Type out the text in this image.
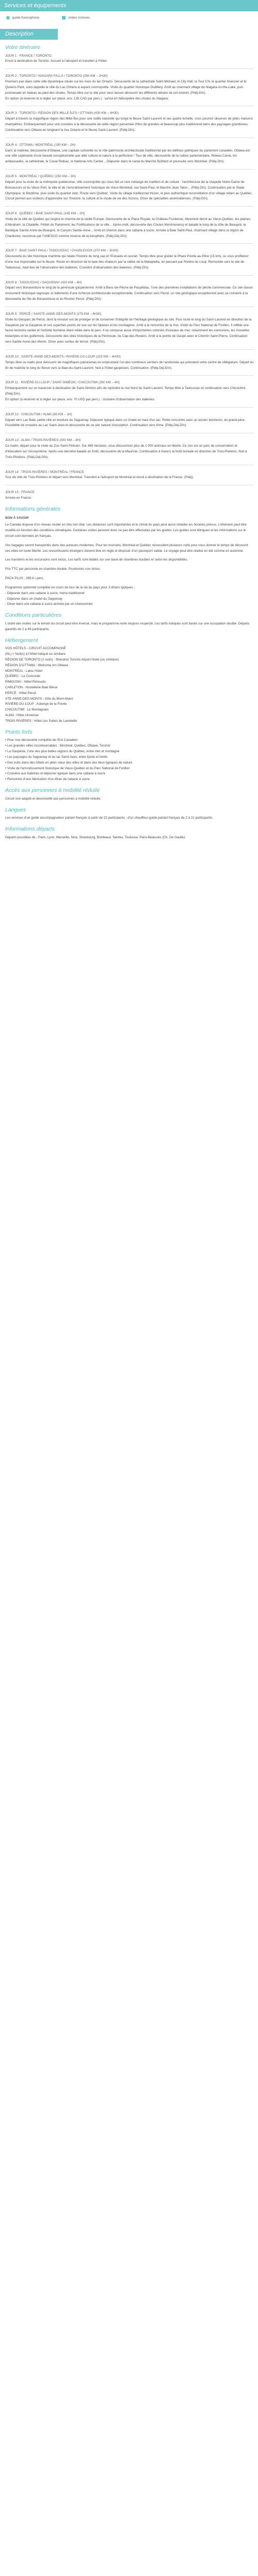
Services et équipements
guide francophone	visites incluses
Description
Votre itinéraire

JOUR 1 : FRANCE / TORONTO

Envol à destination de Toronto. Accueil à l'aéroport et transfert à l'hôtel.

JOUR 2 : TORONTO / NIAGARA FALLS / TORONTO (260 KM – 2H30)

Premiers pas dans cette ville dynamique située sur les rives du lac Ontario. Découverte de la cathédrale Saint-Michael, le City Hall, la Tour CN, le quartier financier et le Queens Park, sous laquelle la ville du Lac Ontario à aspect cosmopolite. Visite du quartier historique Distillery. Arrêt au charmant village de Niagara-on-the-Lake, puis promenade en bateau au pied des chutes. Temps libre sur le site pour vous laisser découvrir les différents attraits de cet endroit. (Pdéj-Dîn).
En option (à réserver et à régler sur place, env. 135 CAD par pers.) : survol en hélicoptère des chutes du Niagara.

JOUR 3 : TORONTO / RÉGION DES MILLE-ÎLES / OTTAWA (430 KM – 4H30)

Départ à travers la magnifique région des Mille-Îles pour une noble naturelle qui longe le fleuve Saint-Laurent et ses quatre échelle, vous pourrez observer de jolies maisons champêtres. Embarquement pour une croisière à la découverte de cette région parsemée d'îles de grandes et beaucoup plus traditionnel dans des paysages grandioses. Continuation vers Ottawa en longeant la rive Ontario et le fleuve Saint-Laurent. (Pdéj-Dîn).

JOUR 4 : OTTAWA / MONTRÉAL (190 KM – 2H)

Dans la matinée, découverte d'Ottawa, une capitale culturelle ou le rôle patrimonie architecturale traditionnel par les édifices gothiques du parlement canadien. Ottawa est une ville captivante d'une beauté exceptionnelle que allie culture et nature à la perfection ! Tour de ville, découverte de la colline parlementaire, Rideau Canal, les ambassades, la cathédrale, le Canal Rideau, le National Arts Center... Déjeuner dans le canal du Marché ByWard et poursuite vers Montréal. (Pdéj-Dîn).

JOUR 5 : MONTRÉAL / QUÉBEC (250 KM – 3H)

Départ pour la visite de la métropole québécoise, ville cosmopolite qui nous fait un rare mélange de tradition et de culture : l'architecture de la chapelle Notre-Dame de Bonsecours et du Vieux-Port, la ville et de l'arrondissement historique de Vieux-Montréal, rue Saint-Paul, le Marché Jean-Talon... (Pdéj-Dîn). Continuation par le Stade Olympique, le Biodôme, puis visite du quartier latin. Route vers Québec. Visite du village traditionnel Huron, le plus authentique reconstitution d'un village indien au Québec. Cicruit permet aux visiteurs d'apprendre sur l'histoire, la culture et le mode de vie des hurons. Dîner de spécialités amérindiennes. (Pdéj-Dîn).

JOUR 6 : QUÉBEC / BAIE SAINT-PAUL (145 KM – 2H)

Visite de la ville de Québec qui respire le charme de la vieille Europe. Découverte de la Place Royale, le Château Frontenac, librement décrit au Vieux-Québec, les plaines d'Abraham, la Citadelle, l'Hôtel du Parlement, les Fortifications de la ville... Après-midi, découverte des Chutes Montmorency et balade le long de la côte de Beaupré, la Basilique Sainte-Anne-de-Beaupré, le Canyon Sainte-Anne... Arrêt en chemin dans une cabane à sucre. Arrivée à Baie Saint-Paul, charmant village dans la région de Charlevoix, reconnue par l'UNESCO comme réserve de la biosphère. (Pdéj-Déj-Dîn).

JOUR 7 : BAIE SAINT-PAUL / TADOUSSAC / CHARLEVOIX (270 KM – 3H30)

Découverte du site historique maritime qui relate l'histoire du long cap et l'Estuaire et ouvrait. Temps libre pour goûter le Phare Pointe-au-Père (15 km), ou vous profiterez d'une vue imprenable sur le fleuve. Route en direction de la baie des chaleurs par la vallée de la Matapédia, en passant par Rivière du Loup. Remontée vers le site de Tadoussac, haut lieu de l'observation des baleines. Croisière d'observation des baleines. (Pdéj-Dîn).

JOUR 8 : TADOUSSAC / SAGUENAY (420 KM – 4H)

Départ vers Bonaventure le long de la péninsule gaspésienne. Arrêt à Banc-de-Pêche de Paspébiac, l'une des premières installations de pêche commerciale. Ce site classé monument historique regroupe 11 bâtiments d'une richesse architecturale exceptionnelle. Continuation vers Percé, un site géologique exceptionnel avec sa croisière à la découverte de l'île de Bonaventure et du Rocher Percé. (Pdéj-Dîn).

JOUR 9 : PERCÉ / SAINTE-ANNE-DES-MONTS (275 KM – 4H30)

Visite du Géoparc de Percé, dont la mission est de protéger et de conserver l'intégrité de l'héritage géologique du site. Puis route le long du Saint-Laurent en direction de la Gaspésie par la Gaspésie et ses superbes points de vue sur les falaises et les montagnes. Arrêt à la rencontre de la mer. Visite du Parc National de Forillon. Il reflète une faune terrestre variée et l'activité humaine étant reliée dans le parc. Il se compose aussi d'importantes colonies d'oiseaux de mer, notamment les cormorans, les mouettes tridactyles et les guillemots. Découverte des sites historiques de la Péninsule, de Cap-des-Rosiers. Arrêt à la pointe de Gaspé avec le Chemin Saint-Pierre. Continuation vers Sainte-Anne-des-Monts. Dîner avec sorties de terroir. (Pdéj-Dîn).

JOUR 10 : SAINTE-ANNE-DES-MONTS / RIVIÈRE-DU-LOUP (323 KM – 4H30)

Temps libre ce matin pour découvrir de magnifiques panoramas en empruntant l'un des nombreux sentiers de randonnée qui prévoient votre centre de villégiature. Départ en fin de matinée le long du fleuve vers la Baie-du-Saint-Laurent. Nuit à l'hôtel gaspésien. Continuation. (Pdéj-Déj-Dîn).

JOUR 11 : RIVIÈRE-DU-LOUP / SAINT-SIMÉON / CHICOUTIMI (300 KM – 4H)

Embarquement sur un traversier à destination de Saint-Siméon afin de rejoindre la rive Nord du Saint-Laurent. Temps libre à Tadoussac et continuation vers Chicoutimi. (Pdéj-Dîn).
En option (à réserver et à régler sur place, env. 70 USD par pers.) : croisière d'observation des baleines.

JOUR 12 : CHICOUTIMI / ALMA (60 KM – 1H)

Départ vers Lac Baie, petite ville en bordure du Saguenay. Déjeuner typique dans un chalet en haut d'un lac. Petite rencontre avec un ancien bûcheron, du grand-père. Possibilité de croisière au Lac Saint-Jean et découverte de ce site naturel d'exception. Continuation vers Alma. (Pdéj-Déj-Dîn).

JOUR 13 : ALMA / TROIS-RIVIÈRES (300 KM – 4H)

Ce matin, départ pour la visite du Zoo Saint-Félicien. Sur 485 hectares, vous découvrirez plus de 1 000 animaux en liberté. Ce zoo est un parc de conservation et d'éducation sur l'écosystème. Après une dernière balade en forêt, découverte de la Mauricie. Continuation à travers la forêt boréale en direction de Trois-Rivières. Nuit à Trois-Rivières. (Pdéj-Déj-Dîn).

JOUR 14 : TROIS-RIVIÈRES / MONTRÉAL / FRANCE

Tour de ville de Trois-Rivières et départ vers Montréal. Transfert à l'aéroport de Montréal et envol à destination de la France. (Pdéj).

JOUR 15 : FRANCE

Arrivée en France.

Informations générales
BON À SAVOIR

Le Canada dispose d'un réseau routier en très bon état. Les distances sont importantes et le climat du pays peut aussi retarder les horaires prévus. L'itinéraire peut être modifié en fonction des conditions climatiques. Certaines visites peuvent donc ne pas être effectuées par les guides. Les guides sont bilingues et les informations sur le circuit sont données en français.

Vos bagages seront transportés dans des autocars modernes. Pour les touristes, Montréal et Québec nécessitent plusieurs nuits pour vous donner le temps de découvrir ces villes en toute liberté. Les ressortissants étrangers doivent être en règle et disposer d'un passeport valide. Le voyage peut être réalisé en été comme en automne.

Les transferts et les excursions sont inclus. Les tarifs sont établis sur une base de chambres doubles et selon les disponibilités.

Prix TTC par personne en chambre double. Pourboires non inclus.

PACK PLUS : 399 € / pers.

Programme optionnel complété en cours de tour de la vie du pays pour 3 dîners typiques :
- Déjeuner dans une cabane à sucre, menu traditionnel
- Déjeuner dans un chalet du Saguenay
- Dîner dans une cabane à sucre animée par un chansonnier

Conditions particulières

L'ordre des visites sur le terrain du circuit peut être inversé, mais le programme reste toujours respecté. Les tarifs indiqués sont basés sur une occupation double. Départs garantis de 2 à 49 participants.

Hébergement
VOS HÔTELS - CIRCUIT ACCOMPAGNÉ
(NL) = Nuit(s) à l'hôtel indiqué ou similaire
RÉGION DE TORONTO (2 nuits) : Sheraton Toronto Airport Hotel (ou similaire)
RÉGION D'OTTAWA : Welcome Inn Ottawa
MONTRÉAL : Lalou Hotel
QUÉBEC : Le Concorde
RIMOUSKI : Hôtel Rimouski
CARLETON : Hostellerie Baie Bleue
PERCÉ : Hôtel Percé
STE-ANNE-DES-MONTS : Gîte du Mont Albert
RIVIÈRE-DU-LOUP : Auberge de la Pointe
CHICOUTIMI : Le Montagnais
ALMA : Hôtel Universel
TROIS-RIVIÈRES : Hôtel Les Suites de Laviolette
Points forts
• Pour une découverte complète de l'Est Canadien
• Les grandes villes incontournables : Montréal, Québec, Ottawa, Toronto
• La Gaspésie, l'une des plus belles régions du Québec, entre mer et montagne
• Les paysages du Saguenay et du lac Saint-Jean, entre fjords et forêts
• Des nuits dans des hôtels en plein cœur des villes et dans des lieux typiques de nature
• Visite de l'arrondissement historique de Vieux-Québec et du Parc National de Forillon
• Croisière aux baleines et déjeuner typique dans une cabane à sucre
• Rencontre d'une fabrication d'un dîner de cabane à sucre
Accès aux personnes à mobilité réduite

Circuit non adapté et déconseillé aux personnes à mobilité réduite.

Langues

Les services d'un guide accompagnateur parlant français à partir de 22 participants ; d'un chauffeur-guide parlant français de 2 à 21 participants.

Informations départs

Départs possibles de : Paris, Lyon, Marseille, Nice, Strasbourg, Bordeaux, Nantes, Toulouse, Paris-Beauvais (Ch. De Gaulle).
